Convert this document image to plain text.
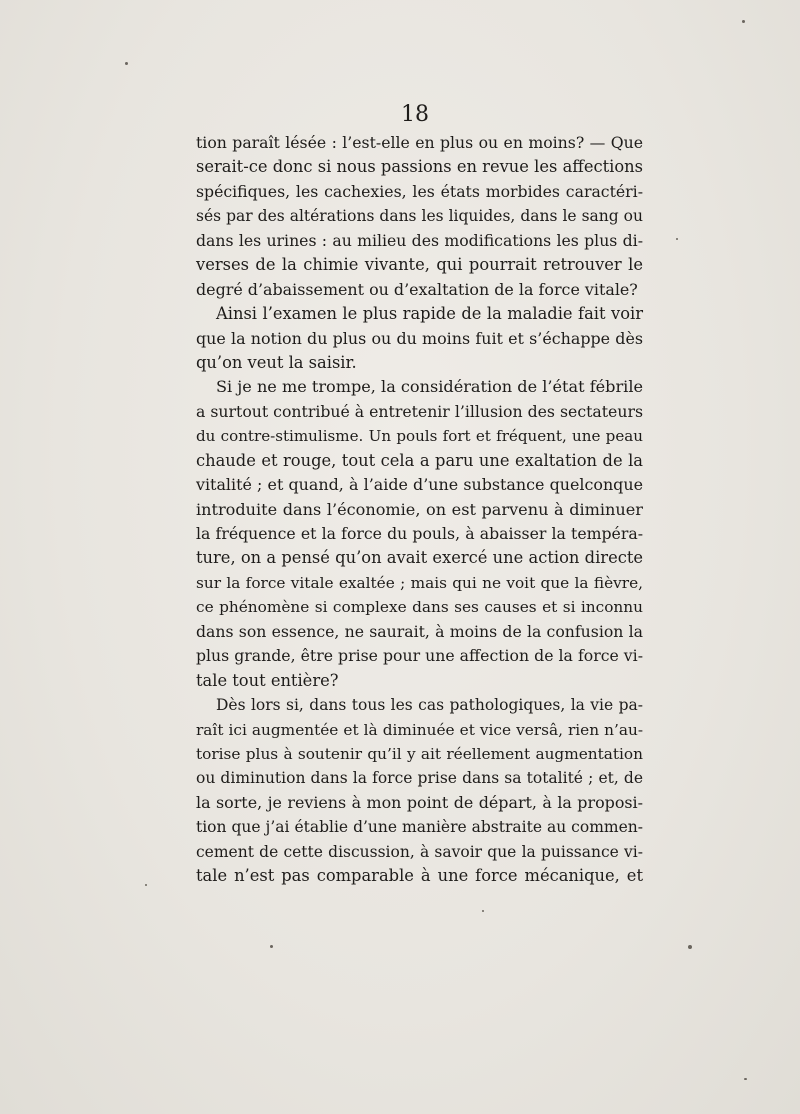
18
tion paraît lésée : l’est-elle en plus ou en moins? — Que
serait-ce donc si nous passions en revue les affections
spécifiques, les cachexies, les états morbides caractéri-
sés par des altérations dans les liquides, dans le sang ou
dans les urines : au milieu des modifications les plus di-
verses de la chimie vivante, qui pourrait retrouver le
degré d’abaissement ou d’exaltation de la force vitale?
Ainsi l’examen le plus rapide de la maladie fait voir
que la notion du plus ou du moins fuit et s’échappe dès
qu’on veut la saisir.
Si je ne me trompe, la considération de l’état fébrile
a surtout contribué à entretenir l’illusion des sectateurs
du contre-stimulisme. Un pouls fort et fréquent, une peau
chaude et rouge, tout cela a paru une exaltation de la
vitalité ; et quand, à l’aide d’une substance quelconque
introduite dans l’économie, on est parvenu à diminuer
la fréquence et la force du pouls, à abaisser la tempéra-
ture, on a pensé qu’on avait exercé une action directe
sur la force vitale exaltée ; mais qui ne voit que la fièvre,
ce phénomène si complexe dans ses causes et si inconnu
dans son essence, ne saurait, à moins de la confusion la
plus grande, être prise pour une affection de la force vi-
tale tout entière?
Dès lors si, dans tous les cas pathologiques, la vie pa-
raît ici augmentée et là diminuée et vice versâ, rien n’au-
torise plus à soutenir qu’il y ait réellement augmentation
ou diminution dans la force prise dans sa totalité ; et, de
la sorte, je reviens à mon point de départ, à la proposi-
tion que j’ai établie d’une manière abstraite au commen-
cement de cette discussion, à savoir que la puissance vi-
tale n’est pas comparable à une force mécanique, et
